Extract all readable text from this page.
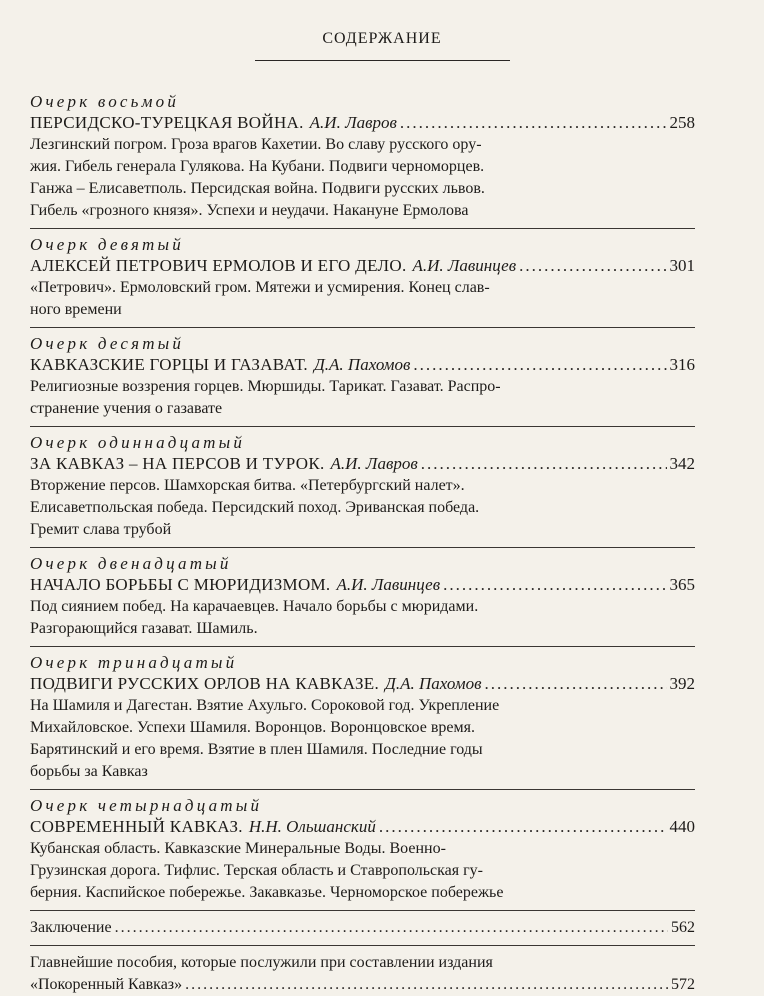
СОДЕРЖАНИЕ
Очерк восьмой
ПЕРСИДСКО-ТУРЕЦКАЯ ВОЙНА. А.И. Лавров .....	258
Лезгинский погром. Гроза врагов Кахетии. Во славу русского ору-
жия. Гибель генерала Гулякова. На Кубани. Подвиги черноморцев.
Ганжа – Елисаветполь. Персидская война. Подвиги русских львов.
Гибель «грозного князя». Успехи и неудачи. Накануне Ермолова
Очерк девятый
АЛЕКСЕЙ ПЕТРОВИЧ ЕРМОЛОВ И ЕГО ДЕЛО. А.И. Лавинцев .....	301
«Петрович». Ермоловский гром. Мятежи и усмирения. Конец слав-
ного времени
Очерк десятый
КАВКАЗСКИЕ ГОРЦЫ И ГАЗАВАТ. Д.А. Пахомов .....	316
Религиозные воззрения горцев. Мюршиды. Тарикат. Газават. Распро-
странение учения о газавате
Очерк одиннадцатый
ЗА КАВКАЗ – НА ПЕРСОВ И ТУРОК. А.И. Лавров .....	342
Вторжение персов. Шамхорская битва. «Петербургский налет».
Елисаветпольская победа. Персидский поход. Эриванская победа.
Гремит слава трубой
Очерк двенадцатый
НАЧАЛО БОРЬБЫ С МЮРИДИЗМОМ. А.И. Лавинцев .....	365
Под сиянием побед. На карачаевцев. Начало борьбы с мюридами.
Разгорающийся газават. Шамиль.
Очерк тринадцатый
ПОДВИГИ РУССКИХ ОРЛОВ НА КАВКАЗЕ. Д.А. Пахомов .....	392
На Шамиля и Дагестан. Взятие Ахульго. Сороковой год. Укрепление
Михайловское. Успехи Шамиля. Воронцов. Воронцовское время.
Барятинский и его время. Взятие в плен Шамиля. Последние годы
борьбы за Кавказ
Очерк четырнадцатый
СОВРЕМЕННЫЙ КАВКАЗ. Н.Н. Ольшанский .....	440
Кубанская область. Кавказские Минеральные Воды. Военно-
Грузинская дорога. Тифлис. Терская область и Ставропольская гу-
берния. Каспийское побережье. Закавказье. Черноморское побережье
Заключение .....	562
Главнейшие пособия, которые послужили при составлении издания
«Покоренный Кавказ» .....	572
